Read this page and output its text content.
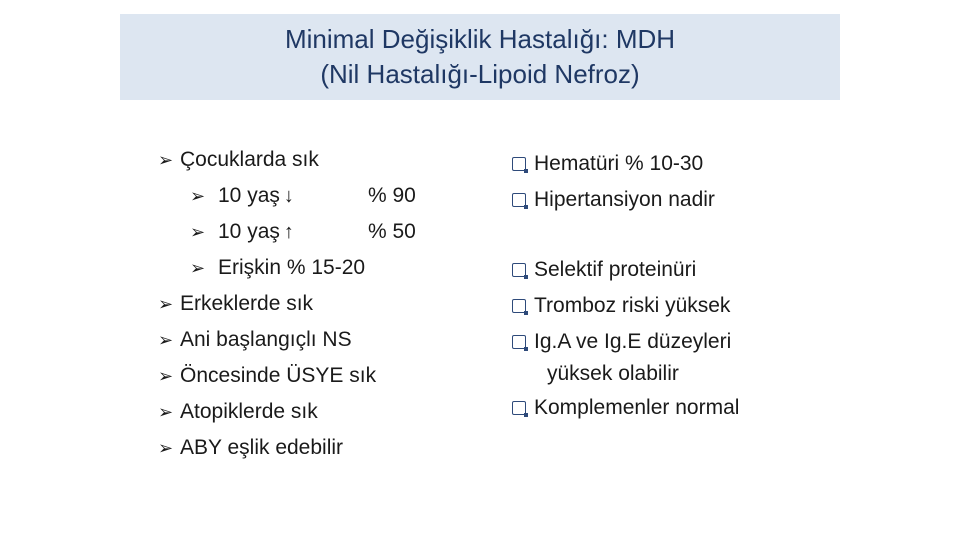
Minimal Değişiklik Hastalığı: MDH
(Nil Hastalığı-Lipoid Nefroz)
➢ Çocuklarda sık
➢ 10 yaş ↓	% 90
➢ 10 yaş ↑	% 50
➢ Erişkin % 15-20
➢ Erkeklerde sık
➢ Ani başlangıçlı NS
➢ Öncesinde ÜSYE sık
➢ Atopiklerde sık
➢ ABY eşlik edebilir
Hematüri % 10-30
Hipertansiyon nadir
Selektif proteinüri
Tromboz riski yüksek
Ig.A ve Ig.E düzeyleri
yüksek olabilir
Komplemenler normal
